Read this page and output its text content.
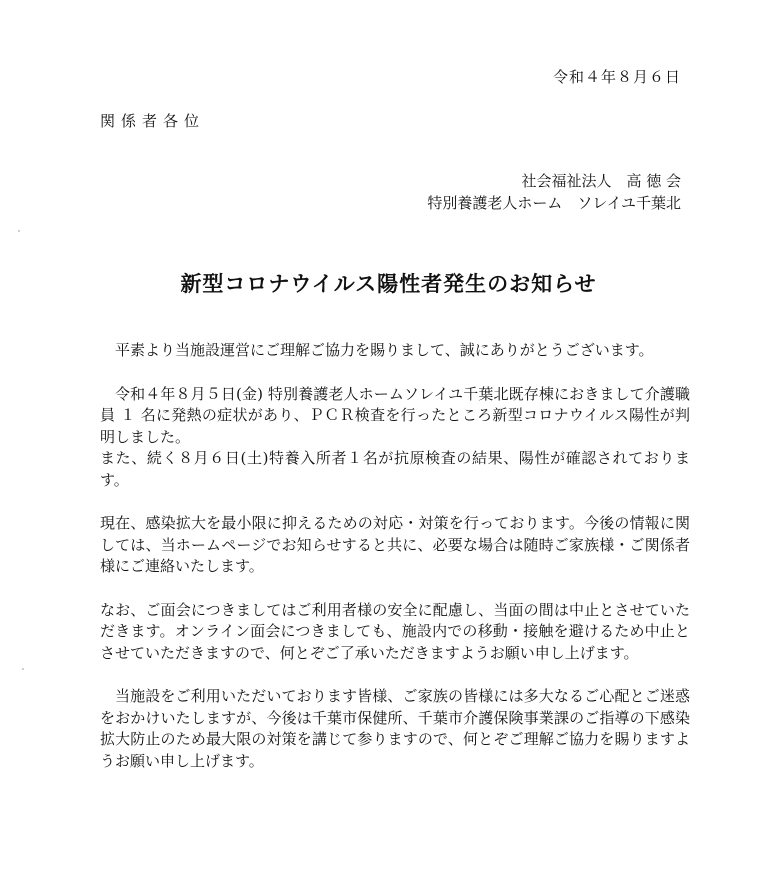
令和４年８月６日
関係者各位
社会福祉法人　高 徳 会
特別養護老人ホーム　ソレイユ千葉北
新型コロナウイルス陽性者発生のお知らせ

平素より当施設運営にご理解ご協力を賜りまして、誠にありがとうございます。

令和４年８月５日(金) 特別養護老人ホームソレイユ千葉北既存棟におきまして介護職員 １ 名に発熱の症状があり、ＰＣＲ検査を行ったところ新型コロナウイルス陽性が判明しました。

また、続く８月６日(土)特養入所者１名が抗原検査の結果、陽性が確認されております。

現在、感染拡大を最小限に抑えるための対応・対策を行っております。今後の情報に関しては、当ホームページでお知らせすると共に、必要な場合は随時ご家族様・ご関係者様にご連絡いたします。

なお、ご面会につきましてはご利用者様の安全に配慮し、当面の間は中止とさせていただきます。オンライン面会につきましても、施設内での移動・接触を避けるため中止とさせていただきますので、何とぞご了承いただきますようお願い申し上げます。

当施設をご利用いただいております皆様、ご家族の皆様には多大なるご心配とご迷惑をおかけいたしますが、今後は千葉市保健所、千葉市介護保険事業課のご指導の下感染拡大防止のため最大限の対策を講じて参りますので、何とぞご理解ご協力を賜りますようお願い申し上げます。
